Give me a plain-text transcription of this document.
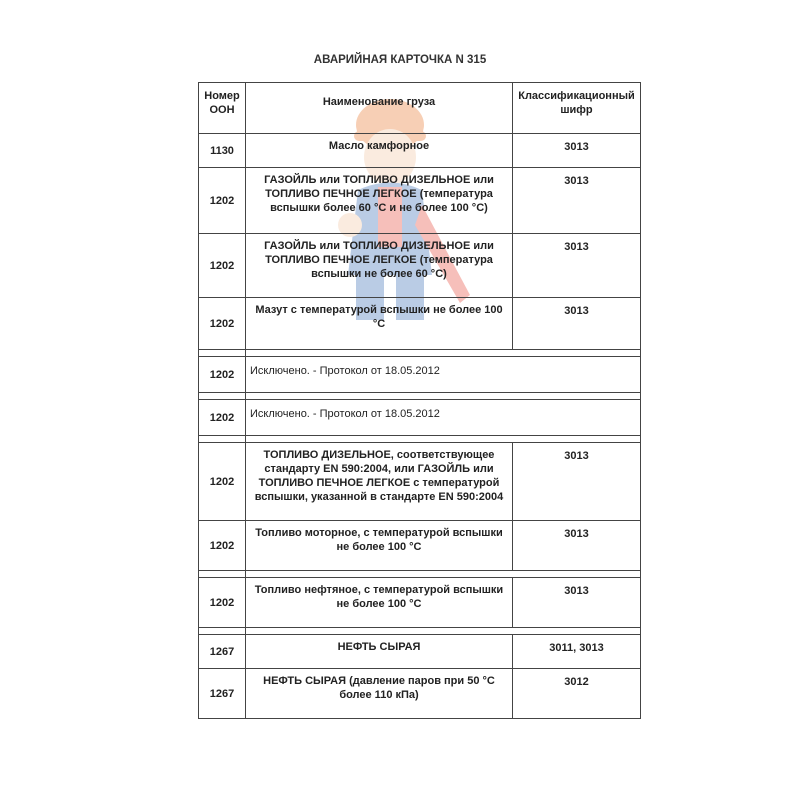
АВАРИЙНАЯ КАРТОЧКА N 315
Номер ООН	Наименование груза	Классификационный шифр
1130	Масло камфорное	3013
1202	ГАЗОЙЛЬ или ТОПЛИВО ДИЗЕЛЬНОЕ или ТОПЛИВО ПЕЧНОЕ ЛЕГКОЕ (температура вспышки более 60 °С и не более 100 °С)	3013
1202	ГАЗОЙЛЬ или ТОПЛИВО ДИЗЕЛЬНОЕ или ТОПЛИВО ПЕЧНОЕ ЛЕГКОЕ (температура вспышки не более 60 °С)	3013
1202	Мазут с температурой вспышки не более 100 °С	3013

1202	Исключено. - Протокол от 18.05.2012	

1202	Исключено. - Протокол от 18.05.2012	

1202	ТОПЛИВО ДИЗЕЛЬНОЕ, соответствующее стандарту EN 590:2004, или ГАЗОЙЛЬ или ТОПЛИВО ПЕЧНОЕ ЛЕГКОЕ с температурой вспышки, указанной в стандарте EN 590:2004	3013
1202	Топливо моторное, с температурой вспышки не более 100 °С	3013

1202	Топливо нефтяное, с температурой вспышки не более 100 °С	3013

1267	НЕФТЬ СЫРАЯ	3011, 3013
1267	НЕФТЬ СЫРАЯ (давление паров при 50 °С более 110 кПа)	3012
